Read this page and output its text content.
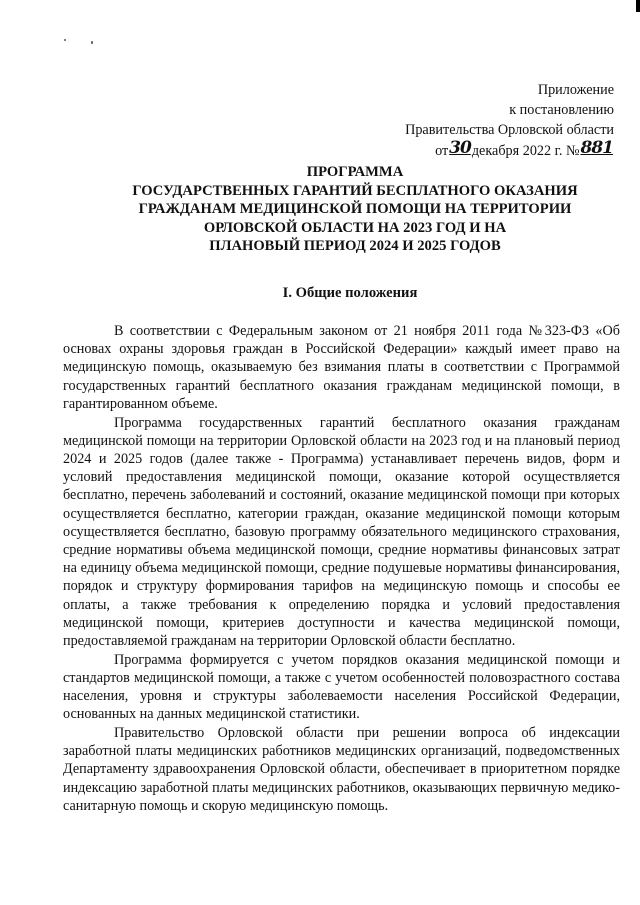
Приложение
к постановлению
Правительства Орловской области
от30декабря 2022 г. №881
ПРОГРАММА
ГОСУДАРСТВЕННЫХ ГАРАНТИЙ БЕСПЛАТНОГО ОКАЗАНИЯ
ГРАЖДАНАМ МЕДИЦИНСКОЙ ПОМОЩИ НА ТЕРРИТОРИИ
ОРЛОВСКОЙ ОБЛАСТИ НА 2023 ГОД И НА
ПЛАНОВЫЙ ПЕРИОД 2024 И 2025 ГОДОВ
I. Общие положения

В соответствии с Федеральным законом от 21 ноября 2011 года №323-ФЗ «Об основах охраны здоровья граждан в Российской Федерации» каждый имеет право на медицинскую помощь, оказываемую без взимания платы в соответствии с Программой государственных гарантий бесплатного оказания гражданам медицинской помощи, в гарантированном объеме.

Программа государственных гарантий бесплатного оказания гражданам медицинской помощи на территории Орловской области на 2023 год и на плановый период 2024 и 2025 годов (далее также - Программа) устанавливает перечень видов, форм и условий предоставления медицинской помощи, оказание которой осуществляется бесплатно, перечень заболеваний и состояний, оказание медицинской помощи при которых осуществляется бесплатно, категории граждан, оказание медицинской помощи которым осуществляется бесплатно, базовую программу обязательного медицинского страхования, средние нормативы объема медицинской помощи, средние нормативы финансовых затрат на единицу объема медицинской помощи, средние подушевые нормативы финансирования, порядок и структуру формирования тарифов на медицинскую помощь и способы ее оплаты, а также требования к определению порядка и условий предоставления медицинской помощи, критериев доступности и качества медицинской помощи, предоставляемой гражданам на территории Орловской области бесплатно.

Программа формируется с учетом порядков оказания медицинской помощи и стандартов медицинской помощи, а также с учетом особенностей половозрастного состава населения, уровня и структуры заболеваемости населения Российской Федерации, основанных на данных медицинской статистики.

Правительство Орловской области при решении вопроса об индексации заработной платы медицинских работников медицинских организаций, подведомственных Департаменту здравоохранения Орловской области, обеспечивает в приоритетном порядке индексацию заработной платы медицинских работников, оказывающих первичную медико-санитарную помощь и скорую медицинскую помощь.
